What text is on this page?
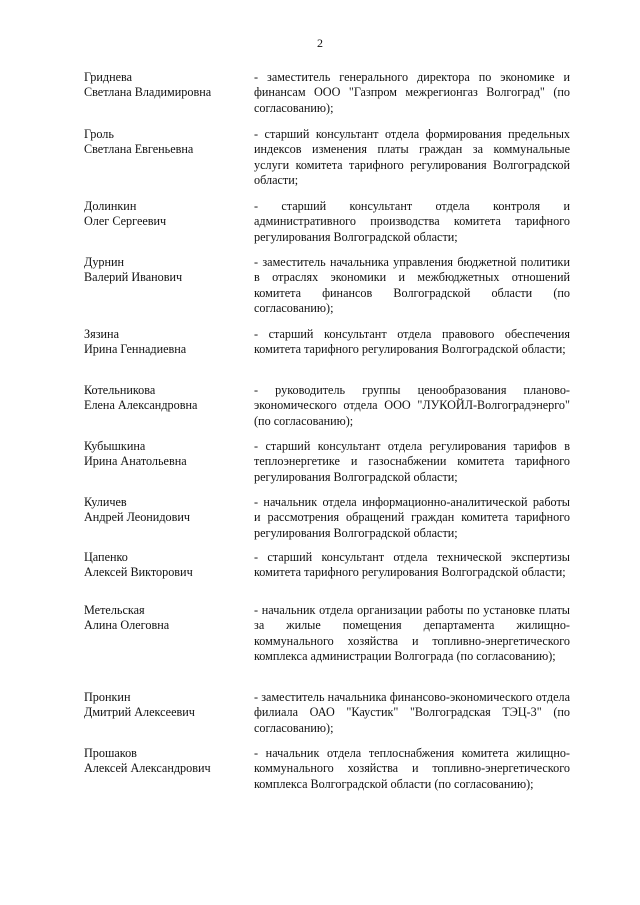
2
Гриднева
Светлана Владимировна
- заместитель генерального директора по экономике и финансам ООО "Газпром межрегионгаз Волгоград" (по согласованию);
Гроль
Светлана Евгеньевна
- старший консультант отдела формирования предельных индексов изменения платы граждан за коммунальные услуги комитета тарифного регулирования Волгоградской области;
Долинкин
Олег Сергеевич
- старший консультант отдела контроля и административного производства комитета тарифного регулирования Волгоградской области;
Дурнин
Валерий Иванович
- заместитель начальника управления бюджетной политики в отраслях экономики и межбюджетных отношений комитета финансов Волгоградской области (по согласованию);
Зязина
Ирина Геннадиевна
- старший консультант отдела правового обеспечения комитета тарифного регулирования Волгоградской области;
Котельникова
Елена Александровна
- руководитель группы ценообразования планово-экономического отдела ООО "ЛУКОЙЛ-Волгоградэнерго" (по согласованию);
Кубышкина
Ирина Анатольевна
- старший консультант отдела регулирования тарифов в теплоэнергетике и газоснабжении комитета тарифного регулирования Волгоградской области;
Куличев
Андрей Леонидович
- начальник отдела информационно-аналитической работы и рассмотрения обращений граждан комитета тарифного регулирования Волгоградской области;
Цапенко
Алексей Викторович
- старший консультант отдела технической экспертизы комитета тарифного регулирования Волгоградской области;
Метельская
Алина Олеговна
- начальник отдела организации работы по установке платы за жилые помещения департамента жилищно-коммунального хозяйства и топливно-энергетического комплекса администрации Волгограда (по согласованию);
Пронкин
Дмитрий Алексеевич
- заместитель начальника финансово-экономического отдела филиала ОАО "Каустик" "Волгоградская ТЭЦ-3" (по согласованию);
Прошаков
Алексей Александрович
- начальник отдела теплоснабжения комитета жилищно-коммунального хозяйства и топливно-энергетического комплекса Волгоградской области (по согласованию);
